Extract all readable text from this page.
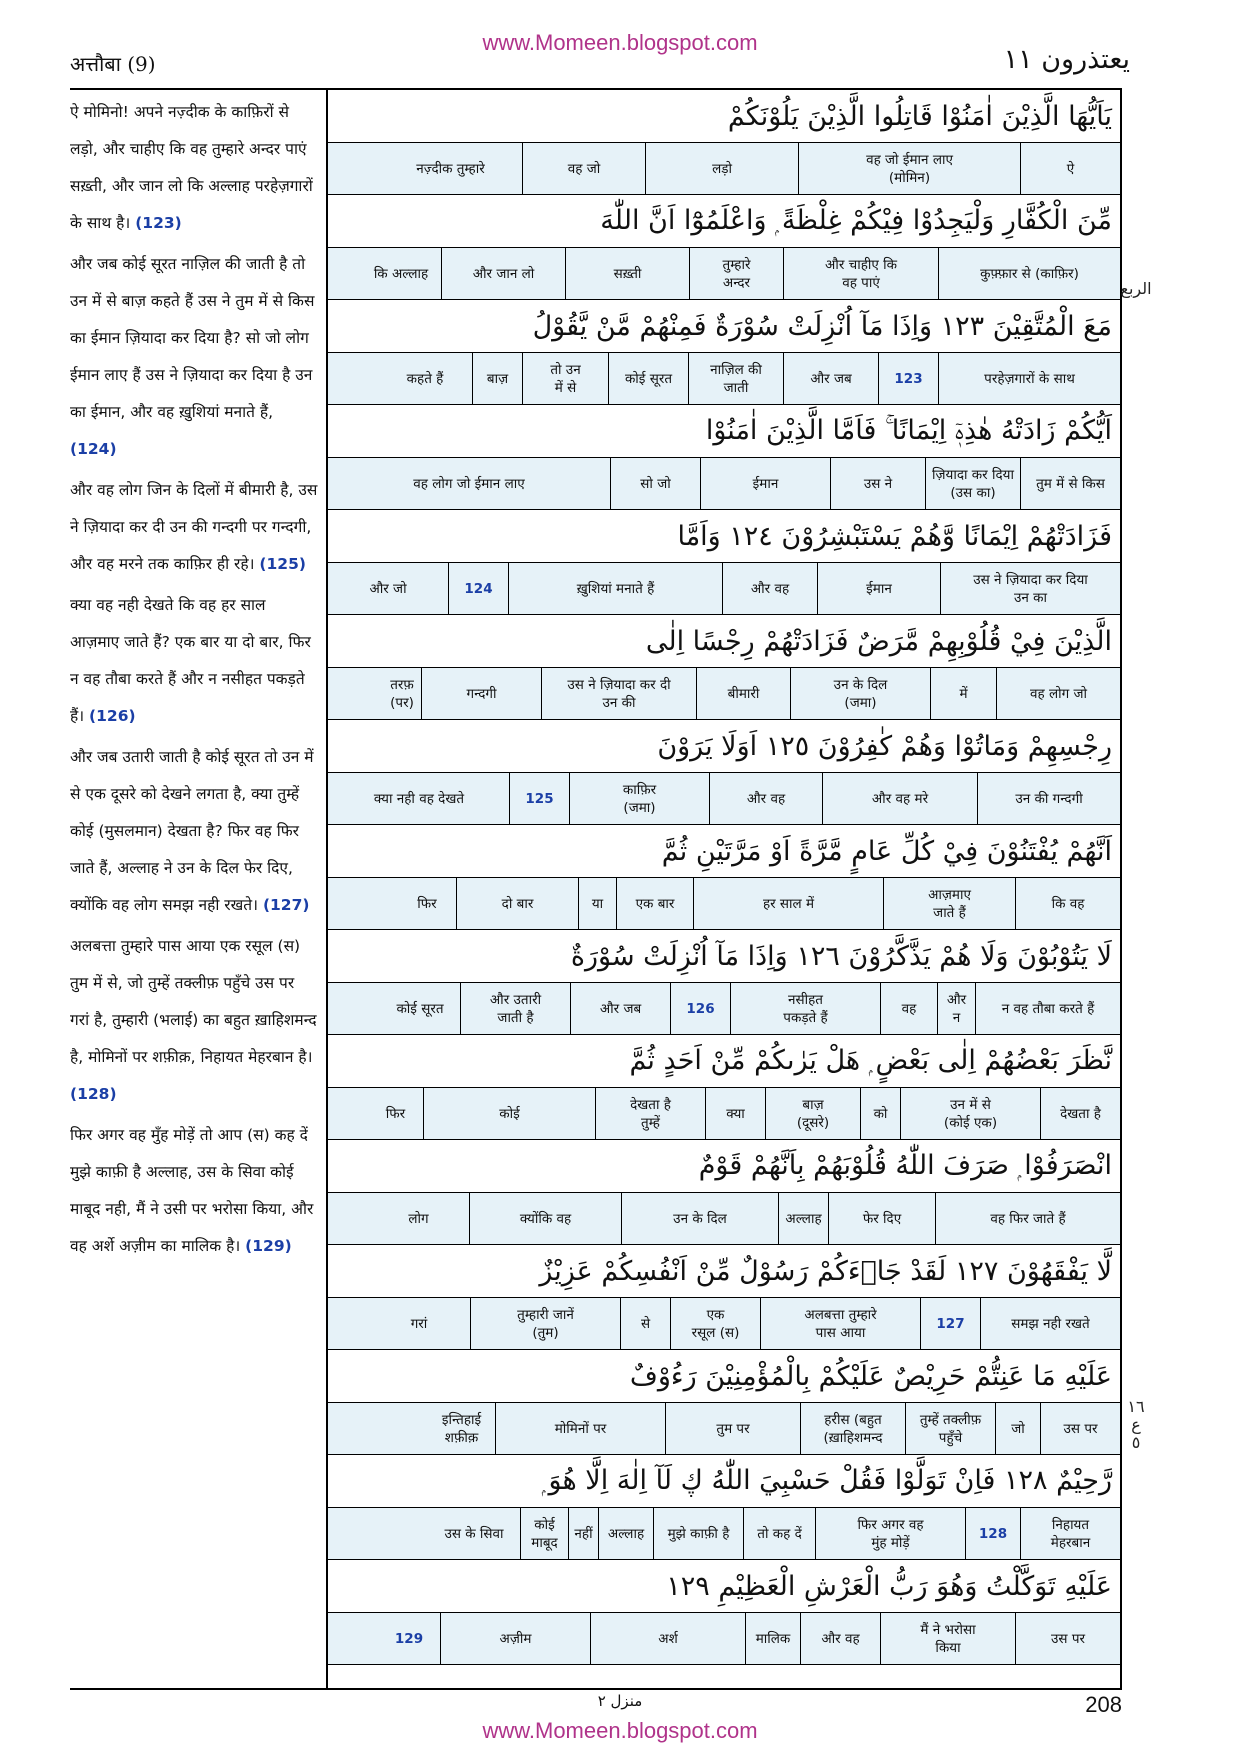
अत्तौबा (9)
www.Momeen.blogspot.com
يعتذرون ١١
ऐ मोमिनो! अपने नज़्दीक के काफ़िरों से लड़ो, और चाहीए कि वह तुम्हारे अन्दर पाएं सख़्ती, और जान लो कि अल्लाह परहेज़गारों के साथ है। (123)
और जब कोई सूरत नाज़िल की जाती है तो उन में से बाज़ कहते हैं उस ने तुम में से किस का ईमान ज़ियादा कर दिया है? सो जो लोग ईमान लाए हैं उस ने ज़ियादा कर दिया है उन का ईमान, और वह ख़ुशियां मनाते हैं, (124)
और वह लोग जिन के दिलों में बीमारी है, उस ने ज़ियादा कर दी उन की गन्दगी पर गन्दगी, और वह मरने तक काफ़िर ही रहे। (125)
क्या वह नही देखते कि वह हर साल आज़माए जाते हैं? एक बार या दो बार, फिर न वह तौबा करते हैं और न नसीहत पकड़ते हैं। (126)
और जब उतारी जाती है कोई सूरत तो उन में से एक दूसरे को देखने लगता है, क्या तुम्हें कोई (मुसलमान) देखता है? फिर वह फिर जाते हैं, अल्लाह ने उन के दिल फेर दिए, क्योंकि वह लोग समझ नही रखते। (127)
अलबत्ता तुम्हारे पास आया एक रसूल (स) तुम में से, जो तुम्हें तक्लीफ़ पहुँचे उस पर गरां है, तुम्हारी (भलाई) का बहुत ख़ाहिशमन्द है, मोमिनों पर शफ़ीक़, निहायत मेहरबान है। (128)
फिर अगर वह मुँह मोड़ें तो आप (स) कह दें मुझे काफ़ी है अल्लाह, उस के सिवा कोई माबूद नही, मैं ने उसी पर भरोसा किया, और वह अर्शे अज़ीम का मालिक है। (129)
يَاَيُّهَا الَّذِيْنَ اٰمَنُوْا قَاتِلُوا الَّذِيْنَ يَلُوْنَكُمْ
ऐ
वह जो ईमान लाए
(मोमिन)
लड़ो
वह जो
नज़्दीक तुम्हारे
مِّنَ الْكُفَّارِ وَلْيَجِدُوْا فِيْكُمْ غِلْظَةً ۭ وَاعْلَمُوْٓا اَنَّ اللّٰهَ
कुफ़्फ़ार से (काफ़िर)
और चाहीए कि
वह पाएं
तुम्हारे
अन्दर
सख़्ती
और जान लो
कि अल्लाह
مَعَ الْمُتَّقِيْنَ ١٢٣ وَاِذَا مَآ اُنْزِلَتْ سُوْرَةٌ فَمِنْهُمْ مَّنْ يَّقُوْلُ
परहेज़गारों के साथ
123
और जब
नाज़िल की
जाती
कोई सूरत
तो उन
में से
बाज़
कहते हैं
اَيُّكُمْ زَادَتْهُ هٰذِهٖٓ اِيْمَانًا ۚ فَاَمَّا الَّذِيْنَ اٰمَنُوْا
तुम में से किस
ज़ियादा कर दिया
(उस का)
उस ने
ईमान
सो जो
वह लोग जो ईमान लाए
فَزَادَتْهُمْ اِيْمَانًا وَّهُمْ يَسْتَبْشِرُوْنَ ١٢٤ وَاَمَّا
उस ने ज़ियादा कर दिया
उन का
ईमान
और वह
ख़ुशियां मनाते हैं
124
और जो
الَّذِيْنَ فِيْ قُلُوْبِهِمْ مَّرَضٌ فَزَادَتْهُمْ رِجْسًا اِلٰى
वह लोग जो
में
उन के दिल
(जमा)
बीमारी
उस ने ज़ियादा कर दी
उन की
गन्दगी
तरफ़
(पर)
رِجْسِهِمْ وَمَاتُوْا وَهُمْ كٰفِرُوْنَ ١٢٥ اَوَلَا يَرَوْنَ
उन की गन्दगी
और वह मरे
और वह
काफ़िर
(जमा)
125
क्या नही वह देखते
اَنَّهُمْ يُفْتَنُوْنَ فِيْ كُلِّ عَامٍ مَّرَّةً اَوْ مَرَّتَيْنِ ثُمَّ
कि वह
आज़माए
जाते हैं
हर साल में
एक बार
या
दो बार
फिर
لَا يَتُوْبُوْنَ وَلَا هُمْ يَذَّكَّرُوْنَ ١٢٦ وَاِذَا مَآ اُنْزِلَتْ سُوْرَةٌ
न वह तौबा करते हैं
और
न
वह
नसीहत
पकड़ते हैं
126
और जब
और उतारी
जाती है
कोई सूरत
نَّظَرَ بَعْضُهُمْ اِلٰى بَعْضٍ ۭ هَلْ يَرٰىكُمْ مِّنْ اَحَدٍ ثُمَّ
देखता है
उन में से
(कोई एक)
को
बाज़
(दूसरे)
क्या
देखता है
तुम्हें
कोई
फिर
انْصَرَفُوْا ۭ صَرَفَ اللّٰهُ قُلُوْبَهُمْ بِاَنَّهُمْ قَوْمٌ
वह फिर जाते हैं
फेर दिए
अल्लाह
उन के दिल
क्योंकि वह
लोग
لَّا يَفْقَهُوْنَ ١٢٧ لَقَدْ جَاۗءَكُمْ رَسُوْلٌ مِّنْ اَنْفُسِكُمْ عَزِيْزٌ
समझ नही रखते
127
अलबत्ता तुम्हारे
पास आया
एक
रसूल (स)
से
तुम्हारी जानें
(तुम)
गरां
عَلَيْهِ مَا عَنِتُّمْ حَرِيْصٌ عَلَيْكُمْ بِالْمُؤْمِنِيْنَ رَءُوْفٌ
उस पर
जो
तुम्हें तक्लीफ़
पहुँचे
हरीस (बहुत
ख़ाहिशमन्द)
तुम पर
मोमिनों पर
इन्तिहाई
शफ़ीक़
رَّحِيْمٌ ١٢٨ فَاِنْ تَوَلَّوْا فَقُلْ حَسْبِيَ اللّٰهُ ڮ لَآ اِلٰهَ اِلَّا هُوَ ۭ
निहायत
मेहरबान
128
फिर अगर वह
मुंह मोड़ें
तो कह दें
मुझे काफ़ी है
अल्लाह
नहीं
कोई
माबूद
उस के सिवा
عَلَيْهِ تَوَكَّلْتُ وَهُوَ رَبُّ الْعَرْشِ الْعَظِيْمِ ١٢٩
उस पर
मैं ने भरोसा
किया
और वह
मालिक
अर्श
अज़ीम
129
الربع
١٦
ع
٥
منزل ٢	208
www.Momeen.blogspot.com
